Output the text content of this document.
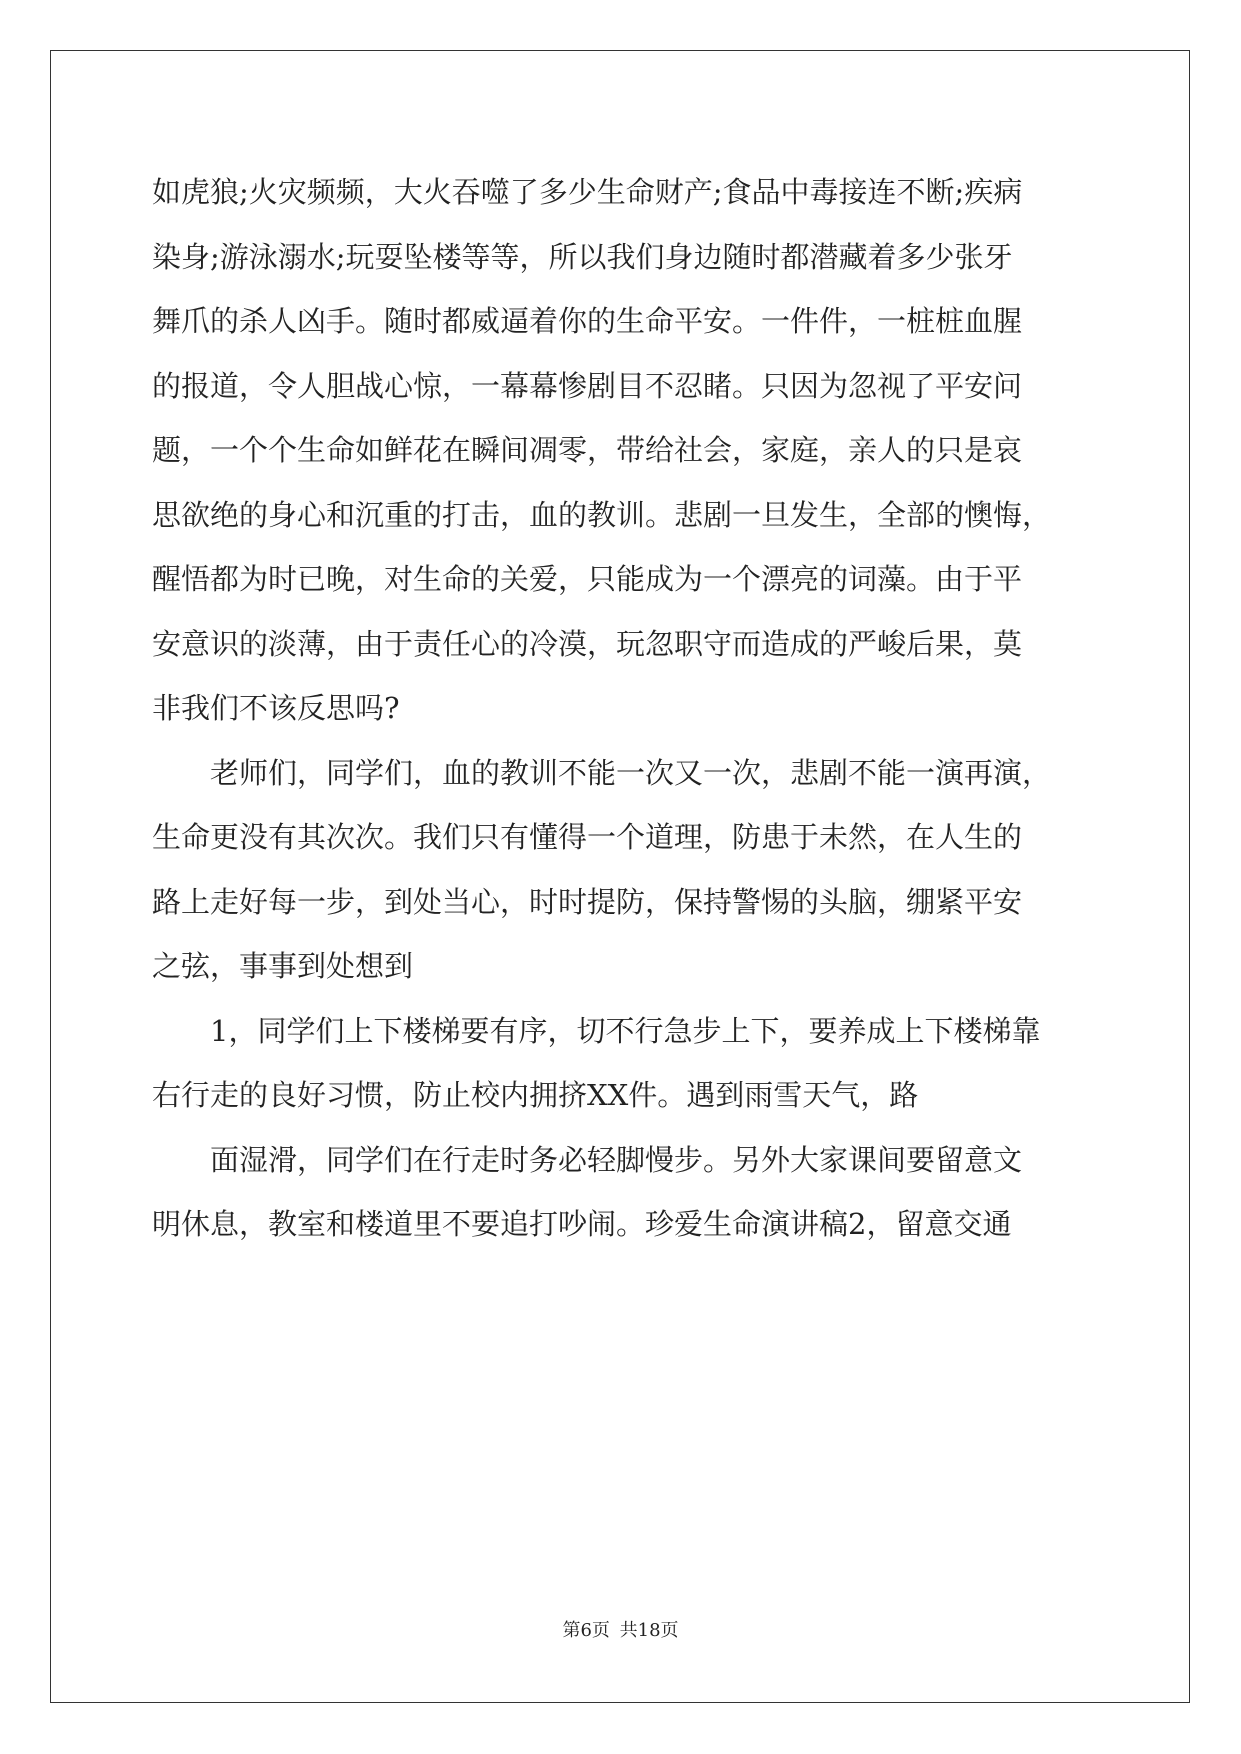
如虎狼;火灾频频，大火吞噬了多少生命财产;食品中毒接连不断;疾病
染身;游泳溺水;玩耍坠楼等等，所以我们身边随时都潜藏着多少张牙
舞爪的杀人凶手。随时都威逼着你的生命平安。一件件，一桩桩血腥
的报道，令人胆战心惊，一幕幕惨剧目不忍睹。只因为忽视了平安问
题，一个个生命如鲜花在瞬间凋零，带给社会，家庭，亲人的只是哀
思欲绝的身心和沉重的打击，血的教训。悲剧一旦发生，全部的懊悔，
醒悟都为时已晚，对生命的关爱，只能成为一个漂亮的词藻。由于平
安意识的淡薄，由于责任心的冷漠，玩忽职守而造成的严峻后果，莫
非我们不该反思吗?
　　老师们，同学们，血的教训不能一次又一次，悲剧不能一演再演，
生命更没有其次次。我们只有懂得一个道理，防患于未然，在人生的
路上走好每一步，到处当心，时时提防，保持警惕的头脑，绷紧平安
之弦，事事到处想到
　　1，同学们上下楼梯要有序，切不行急步上下，要养成上下楼梯靠
右行走的良好习惯，防止校内拥挤XX件。遇到雨雪天气，路
　　面湿滑，同学们在行走时务必轻脚慢步。另外大家课间要留意文
明休息，教室和楼道里不要追打吵闹。珍爱生命演讲稿2，留意交通
第6页 共18页
